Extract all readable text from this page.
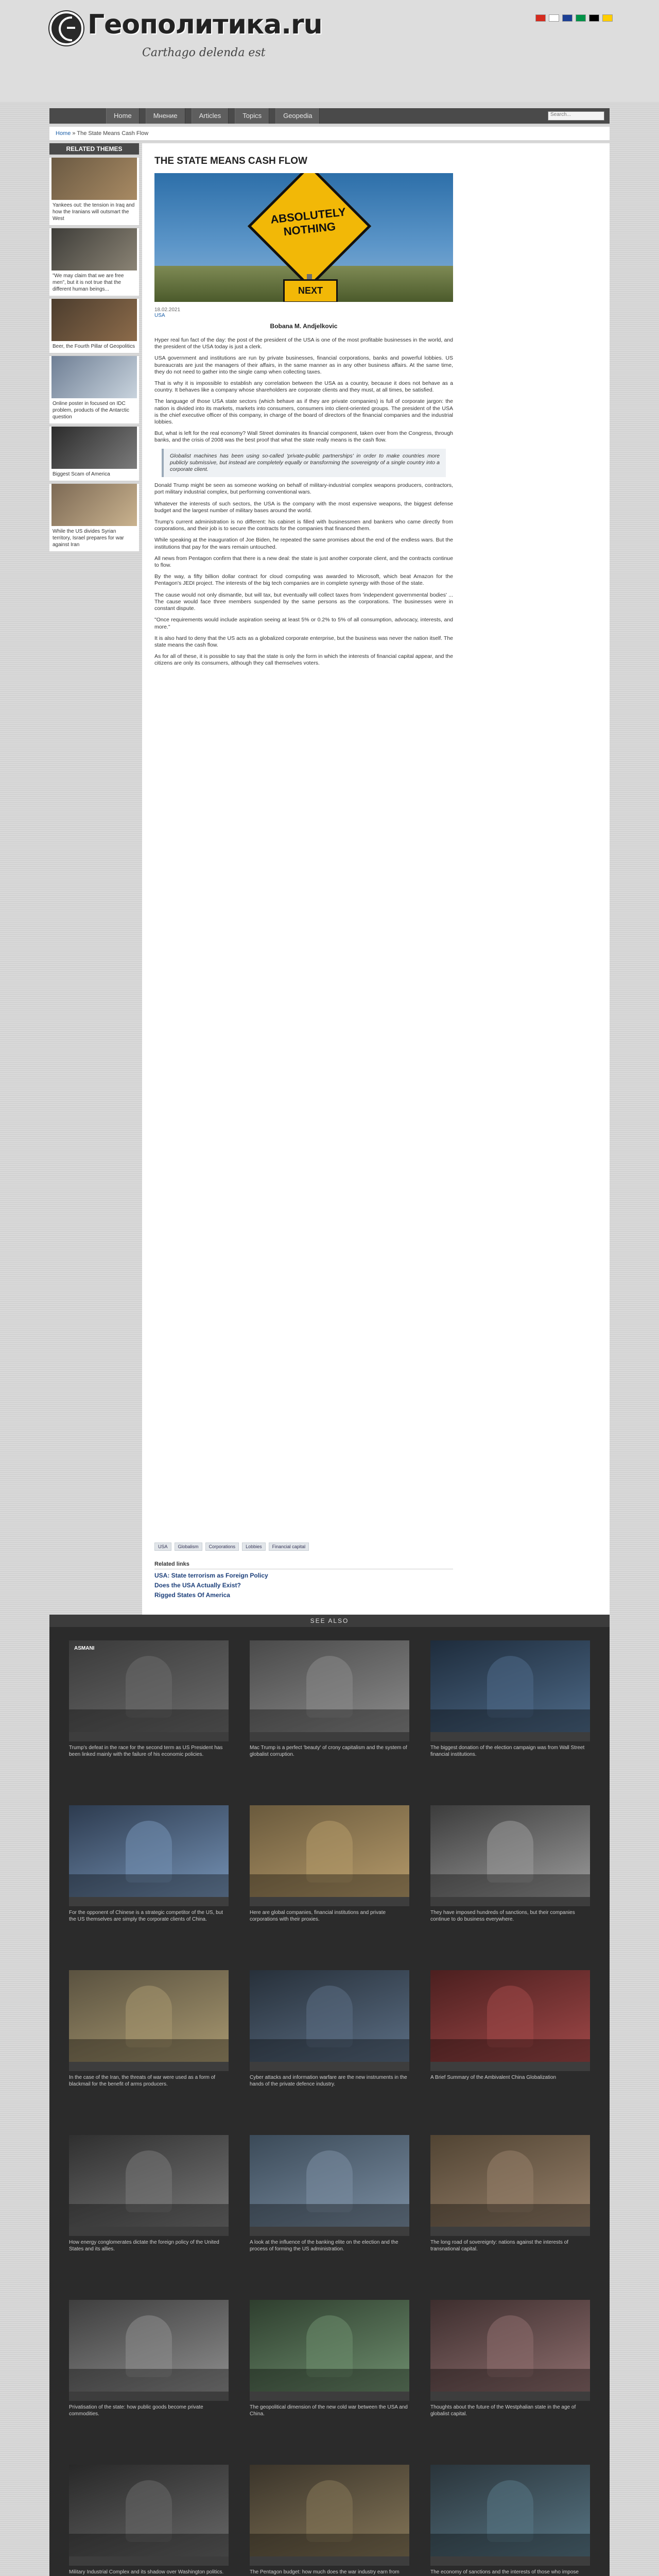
Геополитика.ru
Carthago delenda est
Home	Мнение	Articles	Topics	Geopedia	Search...
Home » The State Means Cash Flow
RELATED THEMES
Yankees out: the tension in Iraq and how the Iranians will outsmart the West
"We may claim that we are free men", but it is not true that the different human beings...
Beer, the Fourth Pillar of Geopolitics
Online poster in focused on IDC problem, products of the Antarctic question
Biggest Scam of America
While the US divides Syrian territory, Israel prepares for war against Iran
THE STATE MEANS CASH FLOW
ABSOLUTELY NOTHING
NEXT
18.02.2021
USA
Bobana M. Andjelkovic

Hyper real fun fact of the day: the post of the president of the USA is one of the most profitable businesses in the world, and the president of the USA today is just a clerk.

USA government and institutions are run by private businesses, financial corporations, banks and powerful lobbies. US bureaucrats are just the managers of their affairs, in the same manner as in any other business affairs. At the same time, they do not need to gather into the single camp when collecting taxes.

That is why it is impossible to establish any correlation between the USA as a country, because it does not behave as a country. It behaves like a company whose shareholders are corporate clients and they must, at all times, be satisfied.

The language of those USA state sectors (which behave as if they are private companies) is full of corporate jargon: the nation is divided into its markets, markets into consumers, consumers into client-oriented groups. The president of the USA is the chief executive officer of this company, in charge of the board of directors of the financial companies and the industrial lobbies.

But, what is left for the real economy? Wall Street dominates its financial component, taken over from the Congress, through banks, and the crisis of 2008 was the best proof that what the state really means is the cash flow.

Globalist machines has been using so-called 'private-public partnerships' in order to make countries more publicly submissive, but instead are completely equally or transforming the sovereignty of a single country into a corporate client.

Donald Trump might be seen as someone working on behalf of military-industrial complex weapons producers, contractors, port military industrial complex, but performing conventional wars.

Whatever the interests of such sectors, the USA is the company with the most expensive weapons, the biggest defense budget and the largest number of military bases around the world.

Trump's current administration is no different: his cabinet is filled with businessmen and bankers who came directly from corporations, and their job is to secure the contracts for the companies that financed them.

While speaking at the inauguration of Joe Biden, he repeated the same promises about the end of the endless wars. But the institutions that pay for the wars remain untouched.

All news from Pentagon confirm that there is a new deal: the state is just another corporate client, and the contracts continue to flow.

By the way, a fifty billion dollar contract for cloud computing was awarded to Microsoft, which beat Amazon for the Pentagon's JEDI project. The interests of the big tech companies are in complete synergy with those of the state.

The cause would not only dismantle, but will tax, but eventually will collect taxes from 'independent governmental bodies' ... The cause would face three members suspended by the same persons as the corporations. The businesses were in constant dispute.

"Once requirements would include aspiration seeing at least 5% or 0.2% to 5% of all consumption, advocacy, interests, and more."

It is also hard to deny that the US acts as a globalized corporate enterprise, but the business was never the nation itself. The state means the cash flow.

As for all of these, it is possible to say that the state is only the form in which the interests of financial capital appear, and the citizens are only its consumers, although they call themselves voters.

USA	Globalism	Corporations	Lobbies	Financial capital
Related links
USA: State terrorism as Foreign Policy
Does the USA Actually Exist?
Rigged States Of America
SEE ALSO
ASMANI
Trump's defeat in the race for the second term as US President has been linked mainly with the failure of his economic policies.
Mac Trump is a perfect 'beauty' of crony capitalism and the system of globalist corruption.
The biggest donation of the election campaign was from Wall Street financial institutions.
For the opponent of Chinese is a strategic competitor of the US, but the US themselves are simply the corporate clients of China.
Here are global companies, financial institutions and private corporations with their proxies.
They have imposed hundreds of sanctions, but their companies continue to do business everywhere.
In the case of the Iran, the threats of war were used as a form of blackmail for the benefit of arms producers.
Cyber attacks and information warfare are the new instruments in the hands of the private defence industry.
A Brief Summary of the Ambivalent China Globalization
How energy conglomerates dictate the foreign policy of the United States and its allies.
A look at the influence of the banking elite on the election and the process of forming the US administration.
The long road of sovereignty: nations against the interests of transnational capital.
Privatisation of the state: how public goods become private commodities.
The geopolitical dimension of the new cold war between the USA and China.
Thoughts about the future of the Westphalian state in the age of globalist capital.
Military Industrial Complex and its shadow over Washington politics.	The Pentagon budget: how much does the war industry earn from	The economy of sanctions and the interests of those who impose
